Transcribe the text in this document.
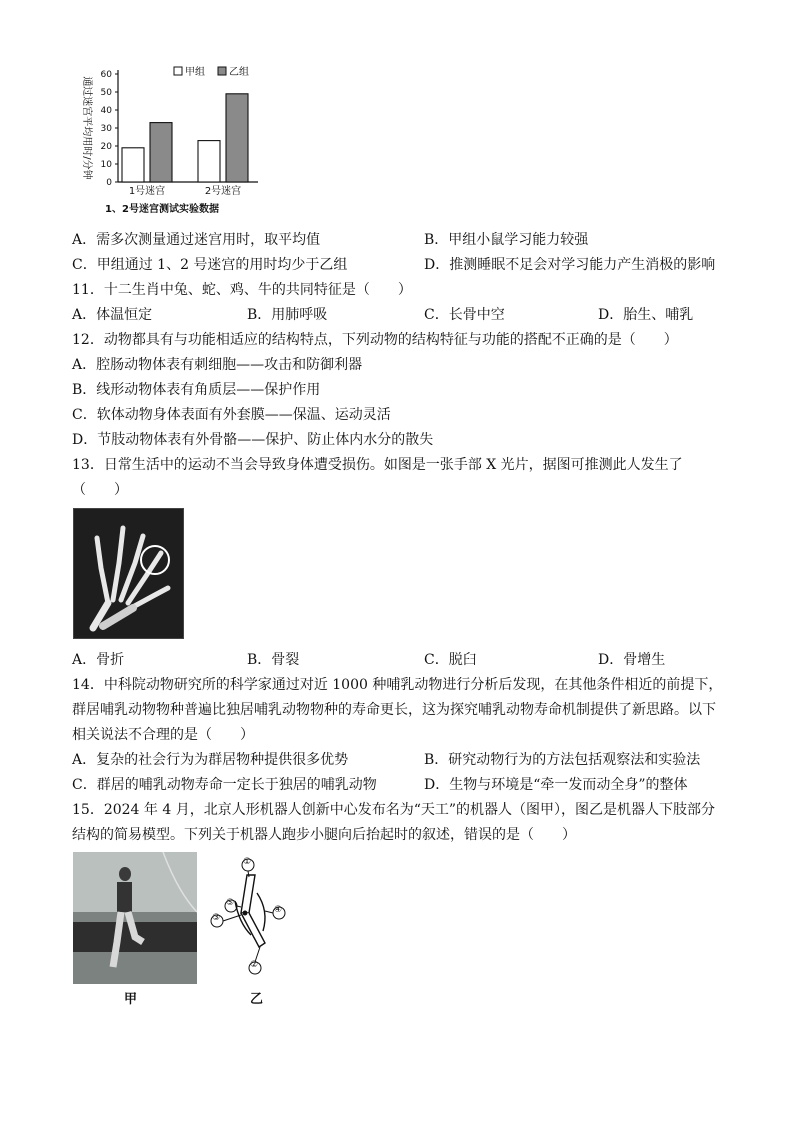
0
10
20
30
40
50
60
通过迷宫平均用时/分钟
1号迷宫	2号迷宫
甲组 乙组
1、2号迷宫测试实验数据
A．需多次测量通过迷宫用时，取平均值	B．甲组小鼠学习能力较强
C．甲组通过 1、2 号迷宫的用时均少于乙组	D．推测睡眠不足会对学习能力产生消极的影响
11．十二生肖中兔、蛇、鸡、牛的共同特征是（　　）
A．体温恒定	B．用肺呼吸	C．长骨中空	D．胎生、哺乳
12．动物都具有与功能相适应的结构特点，下列动物的结构特征与功能的搭配不正确的是（　　）
A．腔肠动物体表有刺细胞——攻击和防御利器
B．线形动物体表有角质层——保护作用
C．软体动物身体表面有外套膜——保温、运动灵活
D．节肢动物体表有外骨骼——保护、防止体内水分的散失
13．日常生活中的运动不当会导致身体遭受损伤。如图是一张手部 X 光片，据图可推测此人发生了
（　　）
A．骨折	B．骨裂	C．脱臼	D．骨增生
14．中科院动物研究所的科学家通过对近 1000 种哺乳动物进行分析后发现，在其他条件相近的前提下，
群居哺乳动物物种普遍比独居哺乳动物物种的寿命更长，这为探究哺乳动物寿命机制提供了新思路。以下
相关说法不合理的是（　　）
A．复杂的社会行为为群居物种提供很多优势	B．研究动物行为的方法包括观察法和实验法
C．群居的哺乳动物寿命一定长于独居的哺乳动物	D．生物与环境是“牵一发而动全身”的整体
15．2024 年 4 月，北京人形机器人创新中心发布名为“天工”的机器人（图甲），图乙是机器人下肢部分
结构的简易模型。下列关于机器人跑步小腿向后抬起时的叙述，错误的是（　　）
甲
①
②
③
④
⑤
乙
